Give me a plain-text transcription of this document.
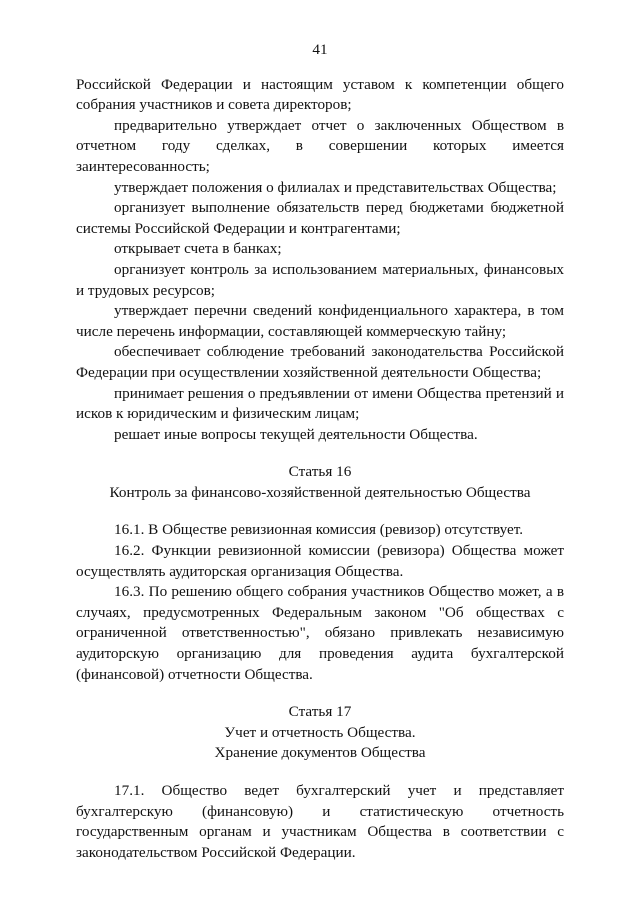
41

Российской Федерации и настоящим уставом к компетенции общего собрания участников и совета директоров;

предварительно утверждает отчет о заключенных Обществом в отчетном году сделках, в совершении которых имеется заинтересованность;

утверждает положения о филиалах и представительствах Общества;

организует выполнение обязательств перед бюджетами бюджетной системы Российской Федерации и контрагентами;

открывает счета в банках;

организует контроль за использованием материальных, финансовых и трудовых ресурсов;

утверждает перечни сведений конфиденциального характера, в том числе перечень информации, составляющей коммерческую тайну;

обеспечивает соблюдение требований законодательства Российской Федерации при осуществлении хозяйственной деятельности Общества;

принимает решения о предъявлении от имени Общества претензий и исков к юридическим и физическим лицам;

решает иные вопросы текущей деятельности Общества.

Статья 16
Контроль за финансово-хозяйственной деятельностью Общества

16.1. В Обществе ревизионная комиссия (ревизор) отсутствует.

16.2. Функции ревизионной комиссии (ревизора) Общества может осуществлять аудиторская организация Общества.

16.3. По решению общего собрания участников Общество может, а в случаях, предусмотренных Федеральным законом "Об обществах с ограниченной ответственностью", обязано привлекать независимую аудиторскую организацию для проведения аудита бухгалтерской (финансовой) отчетности Общества.

Статья 17
Учет и отчетность Общества.
Хранение документов Общества

17.1. Общество ведет бухгалтерский учет и представляет бухгалтерскую (финансовую) и статистическую отчетность государственным органам и участникам Общества в соответствии с законодательством Российской Федерации.
